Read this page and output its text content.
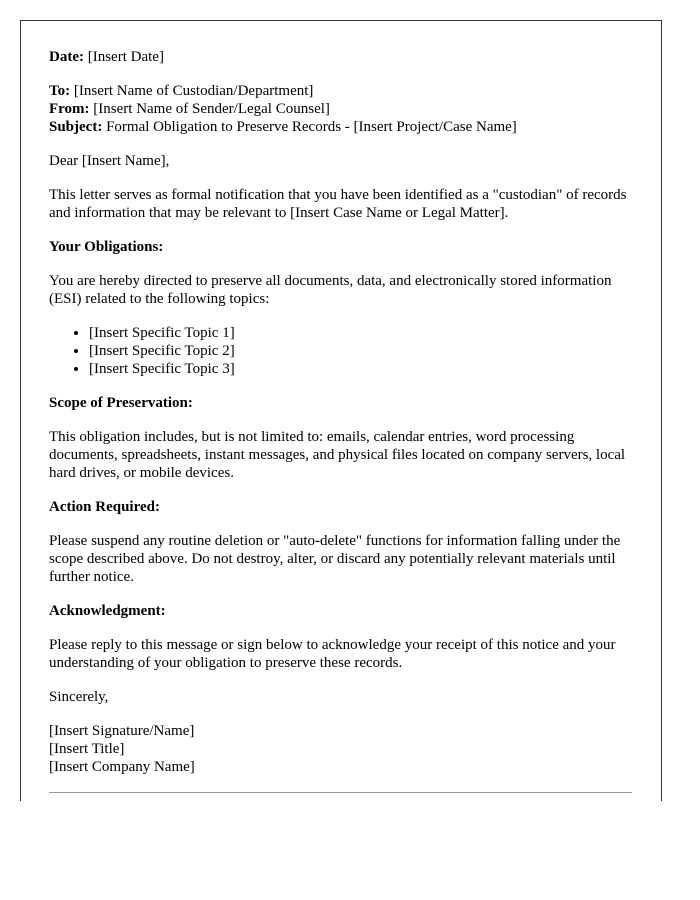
Date: [Insert Date]

To: [Insert Name of Custodian/Department]
From: [Insert Name of Sender/Legal Counsel]
Subject: Formal Obligation to Preserve Records - [Insert Project/Case Name]

Dear [Insert Name],

This letter serves as formal notification that you have been identified as a "custodian" of records and information that may be relevant to [Insert Case Name or Legal Matter].

Your Obligations:

You are hereby directed to preserve all documents, data, and electronically stored information (ESI) related to the following topics:

• [Insert Specific Topic 1]
• [Insert Specific Topic 2]
• [Insert Specific Topic 3]

Scope of Preservation:

This obligation includes, but is not limited to: emails, calendar entries, word processing documents, spreadsheets, instant messages, and physical files located on company servers, local hard drives, or mobile devices.

Action Required:

Please suspend any routine deletion or "auto-delete" functions for information falling under the scope described above. Do not destroy, alter, or discard any potentially relevant materials until further notice.

Acknowledgment:

Please reply to this message or sign below to acknowledge your receipt of this notice and your understanding of your obligation to preserve these records.

Sincerely,

[Insert Signature/Name]
[Insert Title]
[Insert Company Name]
